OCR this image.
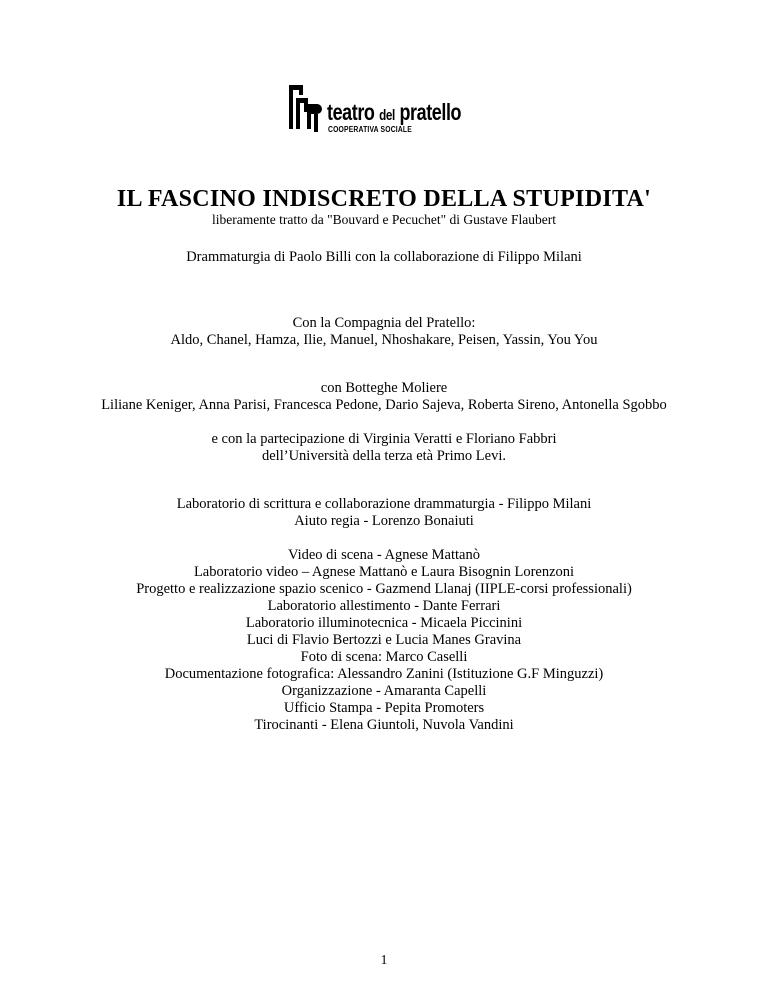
teatro del pratello
COOPERATIVA SOCIALE
IL FASCINO INDISCRETO DELLA STUPIDITA'
liberamente tratto da "Bouvard e Pecuchet" di Gustave Flaubert
Drammaturgia di Paolo Billi con la collaborazione di Filippo Milani
Con la Compagnia del Pratello:
Aldo, Chanel, Hamza, Ilie, Manuel, Nhoshakare, Peisen, Yassin, You You
con Botteghe Moliere
Liliane Keniger, Anna Parisi, Francesca Pedone, Dario Sajeva, Roberta Sireno, Antonella Sgobbo
e con la partecipazione di Virginia Veratti e Floriano Fabbri
dell’Università della terza età Primo Levi.
Laboratorio di scrittura e collaborazione drammaturgia - Filippo Milani
Aiuto regia - Lorenzo Bonaiuti
Video di scena - Agnese Mattanò
Laboratorio video – Agnese Mattanò e Laura Bisognin Lorenzoni
Progetto e realizzazione spazio scenico - Gazmend Llanaj (IIPLE-corsi professionali)
Laboratorio allestimento - Dante Ferrari
Laboratorio illuminotecnica - Micaela Piccinini
Luci di Flavio Bertozzi e Lucia Manes Gravina
Foto di scena: Marco Caselli
Documentazione fotografica: Alessandro Zanini (Istituzione G.F Minguzzi)
Organizzazione - Amaranta Capelli
Ufficio Stampa - Pepita Promoters
Tirocinanti - Elena Giuntoli, Nuvola Vandini
1
